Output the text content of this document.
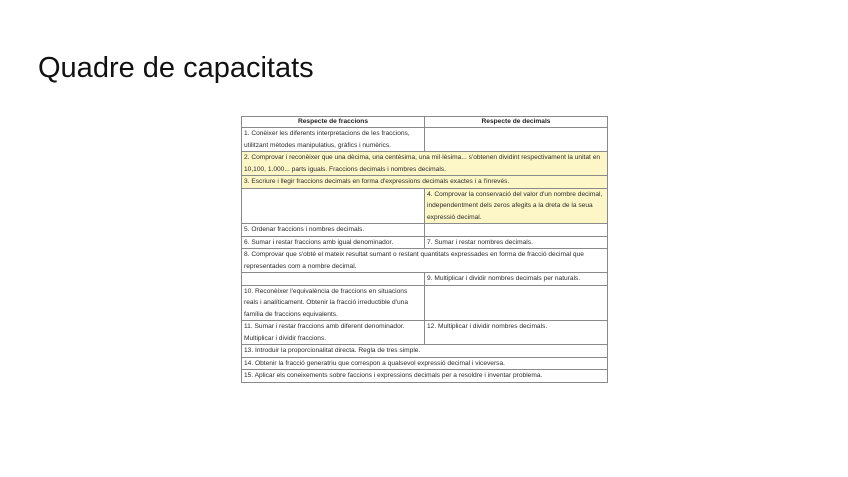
Quadre de capacitats
Respecte de fraccions	Respecte de decimals
1. Conèixer les diferents interpretacions de les fraccions, utilitzant mètodes manipulatius, gràfics i numèrics.	
2. Comprovar i reconèixer que una dècima, una centèsima, una mil·lèsima... s'obtenen dividint respectivament la unitat en 10,100, 1.000... parts iguals. Fraccions decimals i nombres decimals.	
3. Escriure i llegir fraccions decimals en forma d'expressions decimals exactes i a l'inrevés.	
	4. Comprovar la conservació del valor d'un nombre decimal, independentment dels zeros afegits a la dreta de la seua expressió decimal.
5. Ordenar fraccions i nombres decimals.	
6. Sumar i restar fraccions amb igual denominador.	7. Sumar i restar nombres decimals.
8. Comprovar que s'obté el mateix resultat sumant o restant quantitats expressades en forma de fracció decimal que representades com a nombre decimal.	
	9. Multiplicar i dividir nombres decimals per naturals.
10. Reconèixer l'equivalència de fraccions en situacions reals i analíticament. Obtenir la fracció irreductible d'una família de fraccions equivalents.	
11. Sumar i restar fraccions amb diferent denominador. Multiplicar i dividir fraccions.	12. Multiplicar i dividir nombres decimals.
13. Introduir la proporcionalitat directa. Regla de tres simple.	
14. Obtenir la fracció generatriu que correspon a qualsevol expressió decimal i viceversa.	
15. Aplicar els coneixements sobre faccions i expressions decimals per a resoldre i inventar problema.	
